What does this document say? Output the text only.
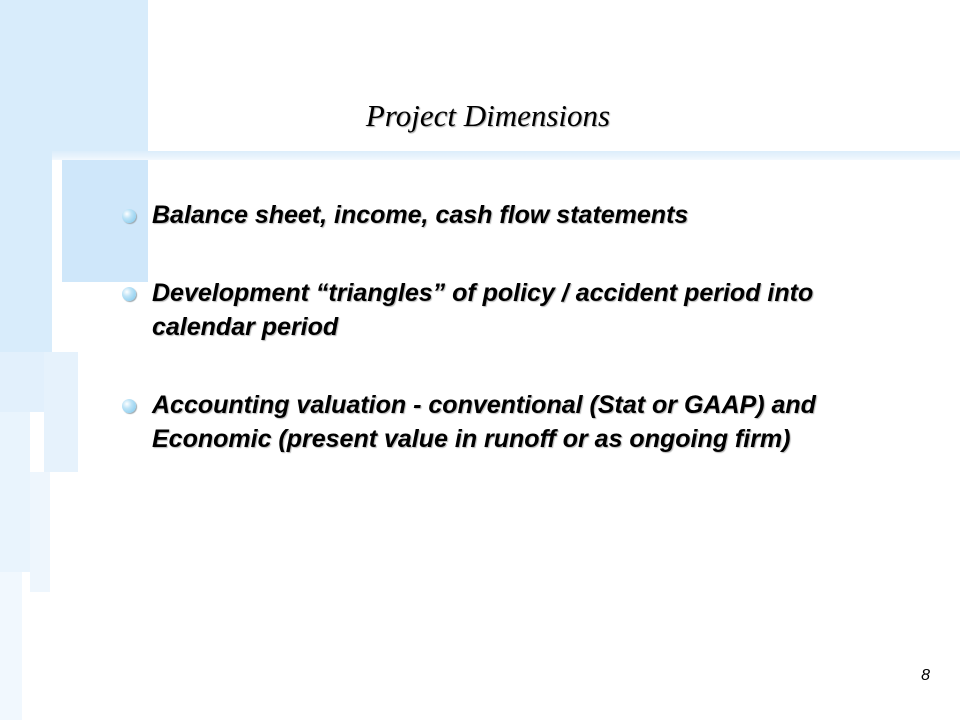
Project Dimensions
Balance sheet, income, cash flow statements
Development “triangles” of policy / accident period into calendar period
Accounting valuation - conventional (Stat or GAAP) and Economic (present value in runoff or as ongoing firm)
8
